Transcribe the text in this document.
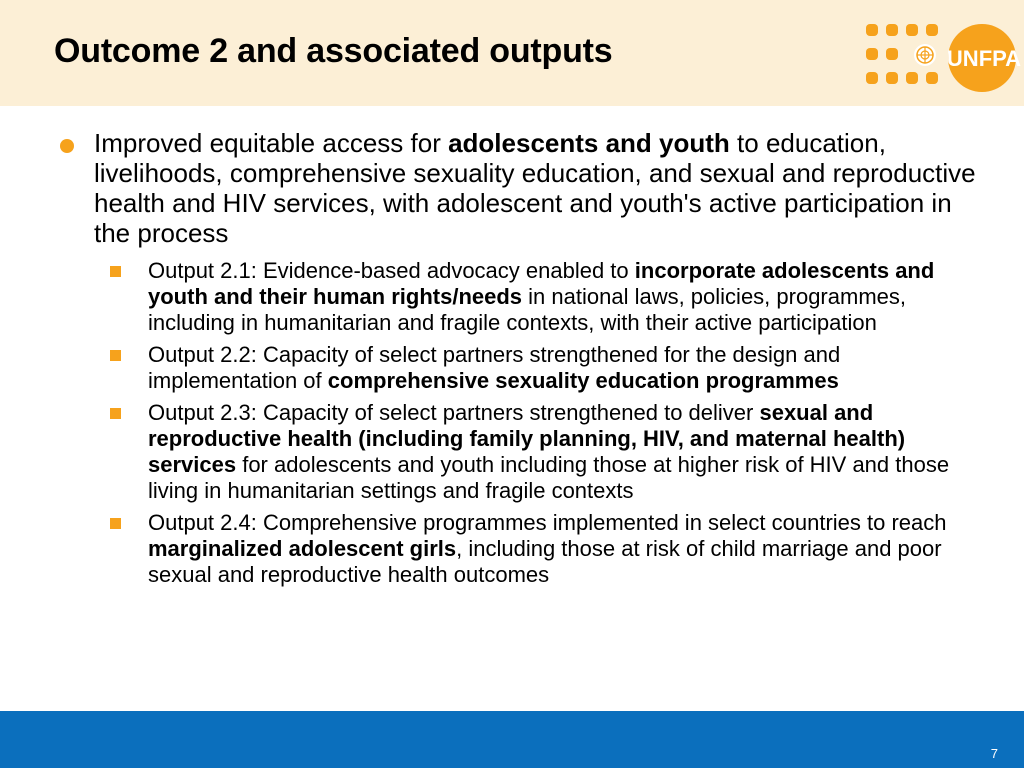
Outcome 2 and associated outputs	UNFPA
Improved equitable access for adolescents and youth to education, livelihoods, comprehensive sexuality education, and sexual and reproductive health and HIV services, with adolescent and youth's active participation in the process
Output 2.1: Evidence-based advocacy enabled to incorporate adolescents and youth and their human rights/needs in national laws, policies, programmes, including in humanitarian and fragile contexts, with their active participation
Output 2.2: Capacity of select partners strengthened for the design and implementation of comprehensive sexuality education programmes
Output 2.3: Capacity of select partners strengthened to deliver sexual and reproductive health (including family planning, HIV, and maternal health) services for adolescents and youth including those at higher risk of HIV and those living in humanitarian settings and fragile contexts
Output 2.4: Comprehensive programmes implemented in select countries to reach marginalized adolescent girls, including those at risk of child marriage and poor sexual and reproductive health outcomes
7
